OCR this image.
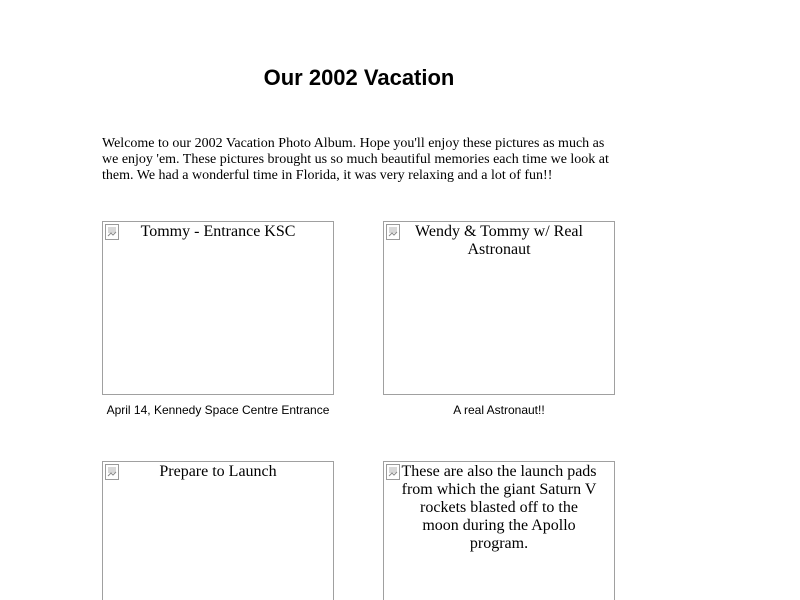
Our 2002 Vacation

Welcome to our 2002 Vacation Photo Album. Hope you'll enjoy these pictures as much as we enjoy 'em. These pictures brought us so much beautiful memories each time we look at them. We had a wonderful time in Florida, it was very relaxing and a lot of fun!!

Tommy - Entrance KSC
April 14, Kennedy Space Centre Entrance
Wendy & Tommy w/ Real Astronaut
A real Astronaut!!
Prepare to Launch	These are also the launch pads from which the giant Saturn V rockets blasted off to the moon during the Apollo program.
